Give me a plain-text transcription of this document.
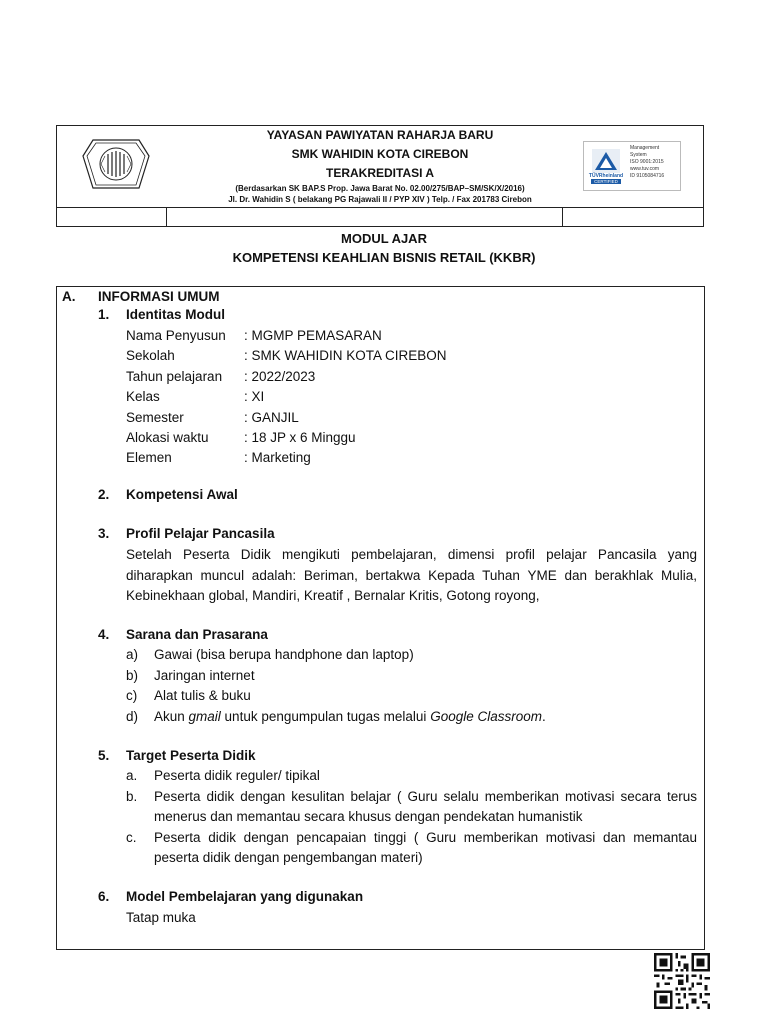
YAYASAN PAWIYATAN RAHARJA BARU
SMK WAHIDIN KOTA CIREBON
TERAKREDITASI A
(Berdasarkan SK BAP.S Prop. Jawa Barat No. 02.00/275/BAP–SM/SK/X/2016)
Jl. Dr. Wahidin S ( belakang PG Rajawali II / PYP XIV ) Telp. / Fax 201783 Cirebon
TÜVRheinland
CERTIFIED
Management
System
ISO 9001:2015
www.tuv.com
ID 9105084716
MODUL AJAR
KOMPETENSI KEAHLIAN BISNIS RETAIL (KKBR)
A. INFORMASI UMUM
1. Identitas Modul
Nama Penyusun : MGMP PEMASARAN
Sekolah	: SMK WAHIDIN KOTA CIREBON
Tahun pelajaran : 2022/2023
Kelas	: XI
Semester	: GANJIL
Alokasi waktu	: 18 JP x 6 Minggu
Elemen	: Marketing
2. Kompetensi Awal
3. Profil Pelajar Pancasila
Setelah Peserta Didik mengikuti pembelajaran, dimensi profil pelajar Pancasila yang
diharapkan muncul adalah: Beriman, bertakwa Kepada Tuhan YME dan berakhlak Mulia,
Kebinekhaan global, Mandiri, Kreatif , Bernalar Kritis, Gotong royong,
4. Sarana dan Prasarana
a) Gawai (bisa berupa handphone dan laptop)
b) Jaringan internet
c) Alat tulis & buku
d) Akun gmail untuk pengumpulan tugas melalui Google Classroom.
5. Target Peserta Didik
a. Peserta didik reguler/ tipikal
b. Peserta didik dengan kesulitan belajar ( Guru selalu memberikan motivasi secara terus
menerus dan memantau secara khusus dengan pendekatan humanistik
c. Peserta didik dengan pencapaian tinggi ( Guru memberikan motivasi dan memantau
peserta didik dengan pengembangan materi)
6. Model Pembelajaran yang digunakan
Tatap muka
